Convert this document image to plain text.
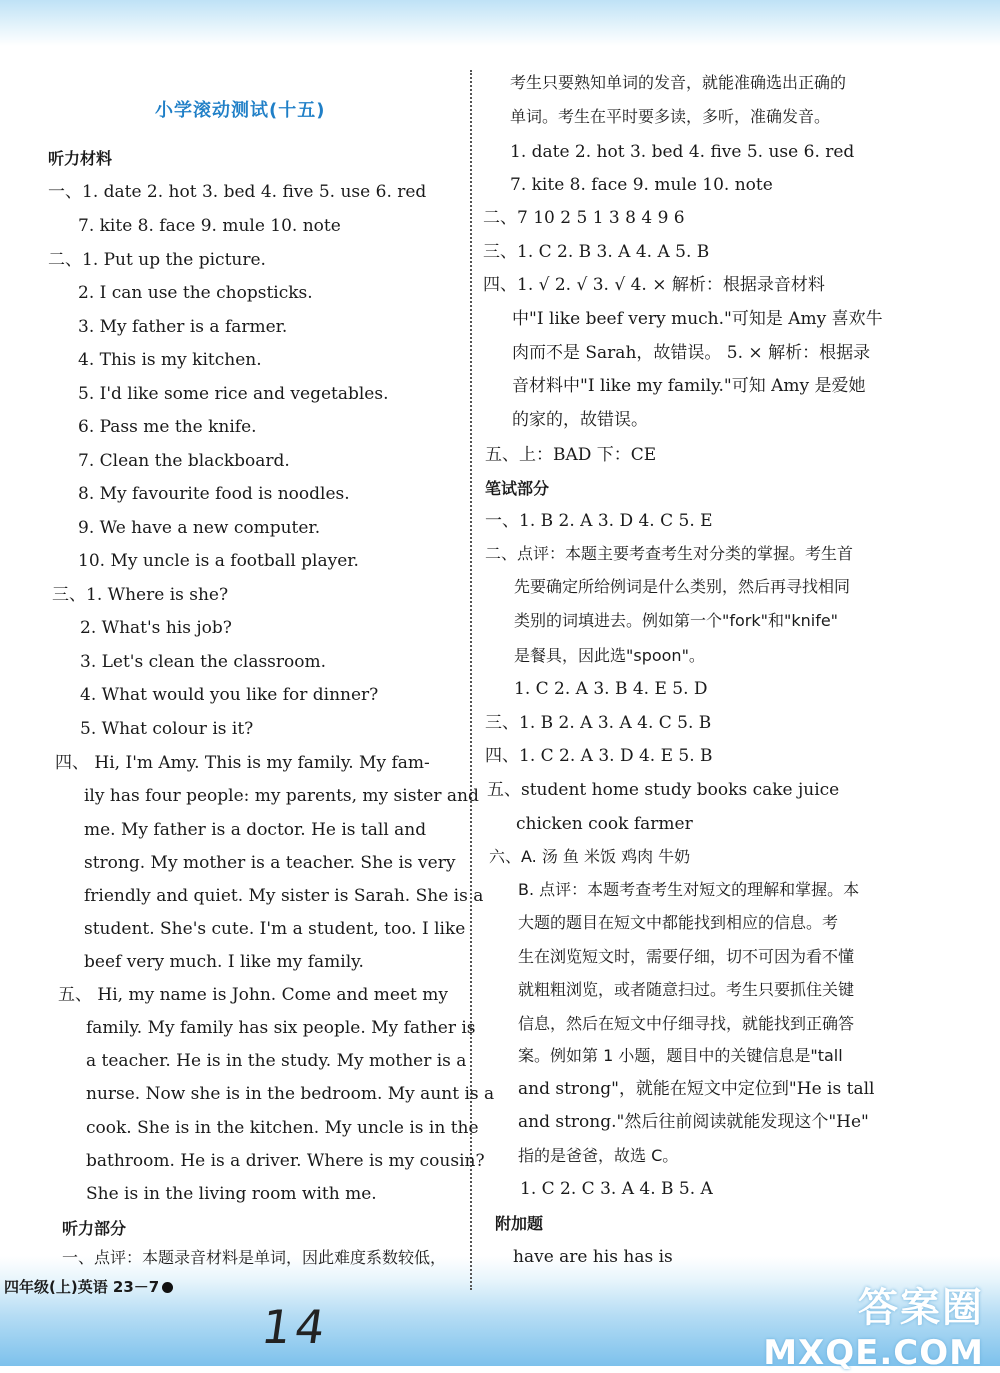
小学滚动测试(十五)
听力材料
一、1. date 2. hot 3. bed 4. five 5. use 6. red
7. kite 8. face 9. mule 10. note
二、1. Put up the picture.
2. I can use the chopsticks.
3. My father is a farmer.
4. This is my kitchen.
5. I'd like some rice and vegetables.
6. Pass me the knife.
7. Clean the blackboard.
8. My favourite food is noodles.
9. We have a new computer.
10. My uncle is a football player.
三、1. Where is she?
2. What's his job?
3. Let's clean the classroom.
4. What would you like for dinner?
5. What colour is it?
四、 Hi, I'm Amy. This is my family. My fam-
ily has four people: my parents, my sister and
me. My father is a doctor. He is tall and
strong. My mother is a teacher. She is very
friendly and quiet. My sister is Sarah. She is a
student. She's cute. I'm a student, too. I like
beef very much. I like my family.
五、 Hi, my name is John. Come and meet my
family. My family has six people. My father is
a teacher. He is in the study. My mother is a
nurse. Now she is in the bedroom. My aunt is a
cook. She is in the kitchen. My uncle is in the
bathroom. He is a driver. Where is my cousin?
She is in the living room with me.
听力部分
一、点评：本题录音材料是单词，因此难度系数较低，
考生只要熟知单词的发音，就能准确选出正确的
单词。考生在平时要多读，多听，准确发音。
1. date 2. hot 3. bed 4. five 5. use 6. red
7. kite 8. face 9. mule 10. note
二、7 10 2 5 1 3 8 4 9 6
三、1. C 2. B 3. A 4. A 5. B
四、1. √ 2. √ 3. √ 4. × 解析：根据录音材料
中"I like beef very much."可知是 Amy 喜欢牛
肉而不是 Sarah，故错误。 5. × 解析：根据录
音材料中"I like my family."可知 Amy 是爱她
的家的，故错误。
五、上：BAD 下：CE
笔试部分
一、1. B 2. A 3. D 4. C 5. E
二、点评：本题主要考查考生对分类的掌握。考生首
先要确定所给例词是什么类别，然后再寻找相同
类别的词填进去。例如第一个"fork"和"knife"
是餐具，因此选"spoon"。
1. C 2. A 3. B 4. E 5. D
三、1. B 2. A 3. A 4. C 5. B
四、1. C 2. A 3. D 4. E 5. B
五、student home study books cake juice
chicken cook farmer
六、A. 汤 鱼 米饭 鸡肉 牛奶
B. 点评：本题考查考生对短文的理解和掌握。本
大题的题目在短文中都能找到相应的信息。考
生在浏览短文时，需要仔细，切不可因为看不懂
就粗粗浏览，或者随意扫过。考生只要抓住关键
信息，然后在短文中仔细寻找，就能找到正确答
案。例如第 1 小题，题目中的关键信息是"tall
and strong"，就能在短文中定位到"He is tall
and strong."然后往前阅读就能发现这个"He"
指的是爸爸，故选 C。
1. C 2. C 3. A 4. B 5. A
附加题
have are his has is
四年级(上)英语 23－7
14	答案圈
MXQE.COM
